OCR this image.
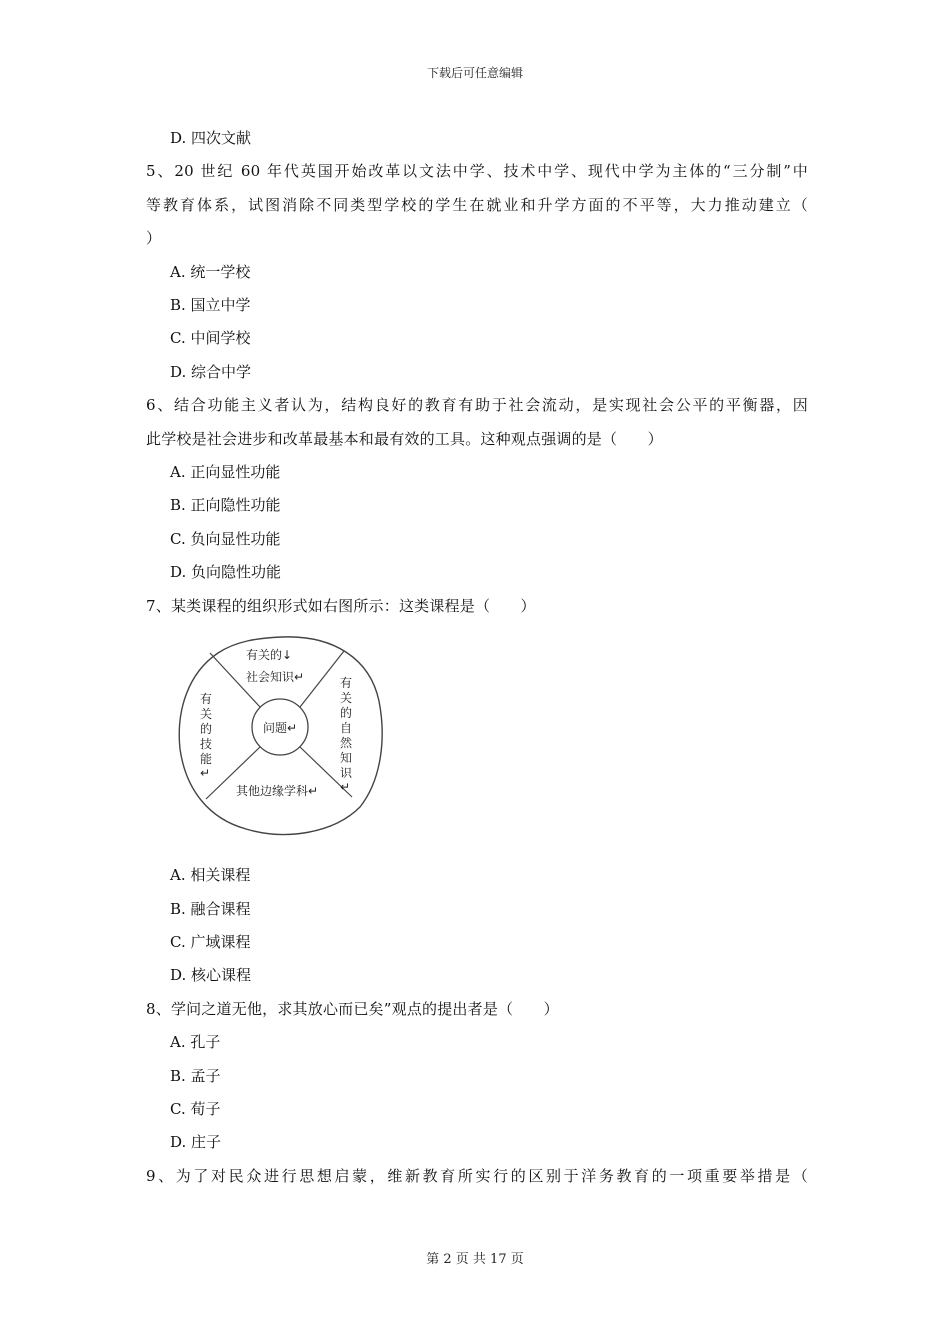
下载后可任意编辑
D. 四次文献
5、20 世纪 60 年代英国开始改革以文法中学、技术中学、现代中学为主体的“三分制”中
等教育体系，试图消除不同类型学校的学生在就业和升学方面的不平等，大力推动建立（
）
A. 统一学校
B. 国立中学
C. 中间学校
D. 综合中学
6、结合功能主义者认为，结构良好的教育有助于社会流动，是实现社会公平的平衡器，因
此学校是社会进步和改革最基本和最有效的工具。这种观点强调的是（　　）
A. 正向显性功能
B. 正向隐性功能
C. 负向显性功能
D. 负向隐性功能
7、某类课程的组织形式如右图所示：这类课程是（　　）
问题↵
有关的↓
社会知识↵
其他边缘学科↵
有
关
的
技
能
↵
有
关
的
自
然
知
识
↵
A. 相关课程
B. 融合课程
C. 广域课程
D. 核心课程
8、学问之道无他，求其放心而已矣”观点的提出者是（　　）
A. 孔子
B. 孟子
C. 荀子
D. 庄子
9、为了对民众进行思想启蒙，维新教育所实行的区别于洋务教育的一项重要举措是（
第 2 页 共 17 页
